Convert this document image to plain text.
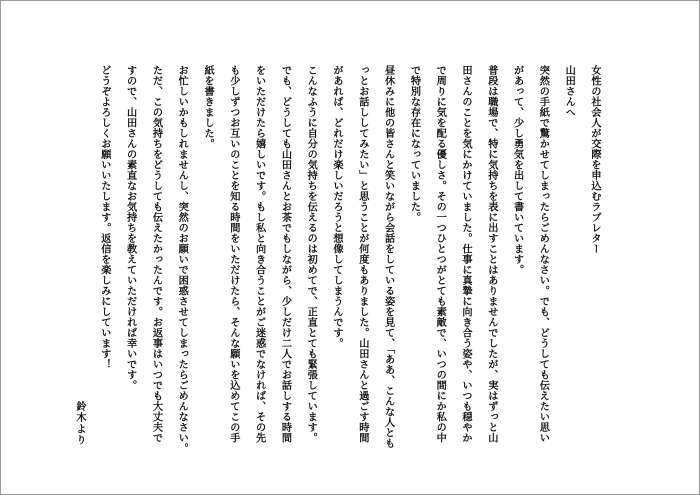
女性の社会人が交際を申込むラブレター

山田さんへ

突然の手紙で驚かせてしまったらごめんなさい。でも、どうしても伝えたい思い

があって、少し勇気を出して書いています。

普段は職場で、特に気持ちを表に出すことはありませんでしたが、実はずっと山

田さんのことを気にかけていました。仕事に真摯に向き合う姿や、いつも穏やか

で周りに気を配る優しさ。その一つひとつがとても素敵で、いつの間にか私の中

で特別な存在になっていました。

昼休みに他の皆さんと笑いながら会話をしている姿を見て、「ああ、こんな人とも

っとお話ししてみたい」と思うことが何度もありました。山田さんと過ごす時間

があれば、どれだけ楽しいだろうと想像してしまうんです。

こんなふうに自分の気持ちを伝えるのは初めてで、正直とても緊張しています。

でも、どうしても山田さんとお茶でもしながら、少しだけ二人でお話しする時間

をいただけたら嬉しいです。もし私と向き合うことがご迷惑でなければ、その先

も少しずつお互いのことを知る時間をいただけたら、そんな願いを込めてこの手

紙を書きました。

お忙しいかもしれませんし、突然のお願いで困惑させてしまったらごめんなさい。

ただ、この気持ちをどうしても伝えたかったんです。お返事はいつでも大丈夫で

すので、山田さんの素直なお気持ちを教えていただければ幸いです。

どうぞよろしくお願いいたします。返信を楽しみにしています！

鈴木より
